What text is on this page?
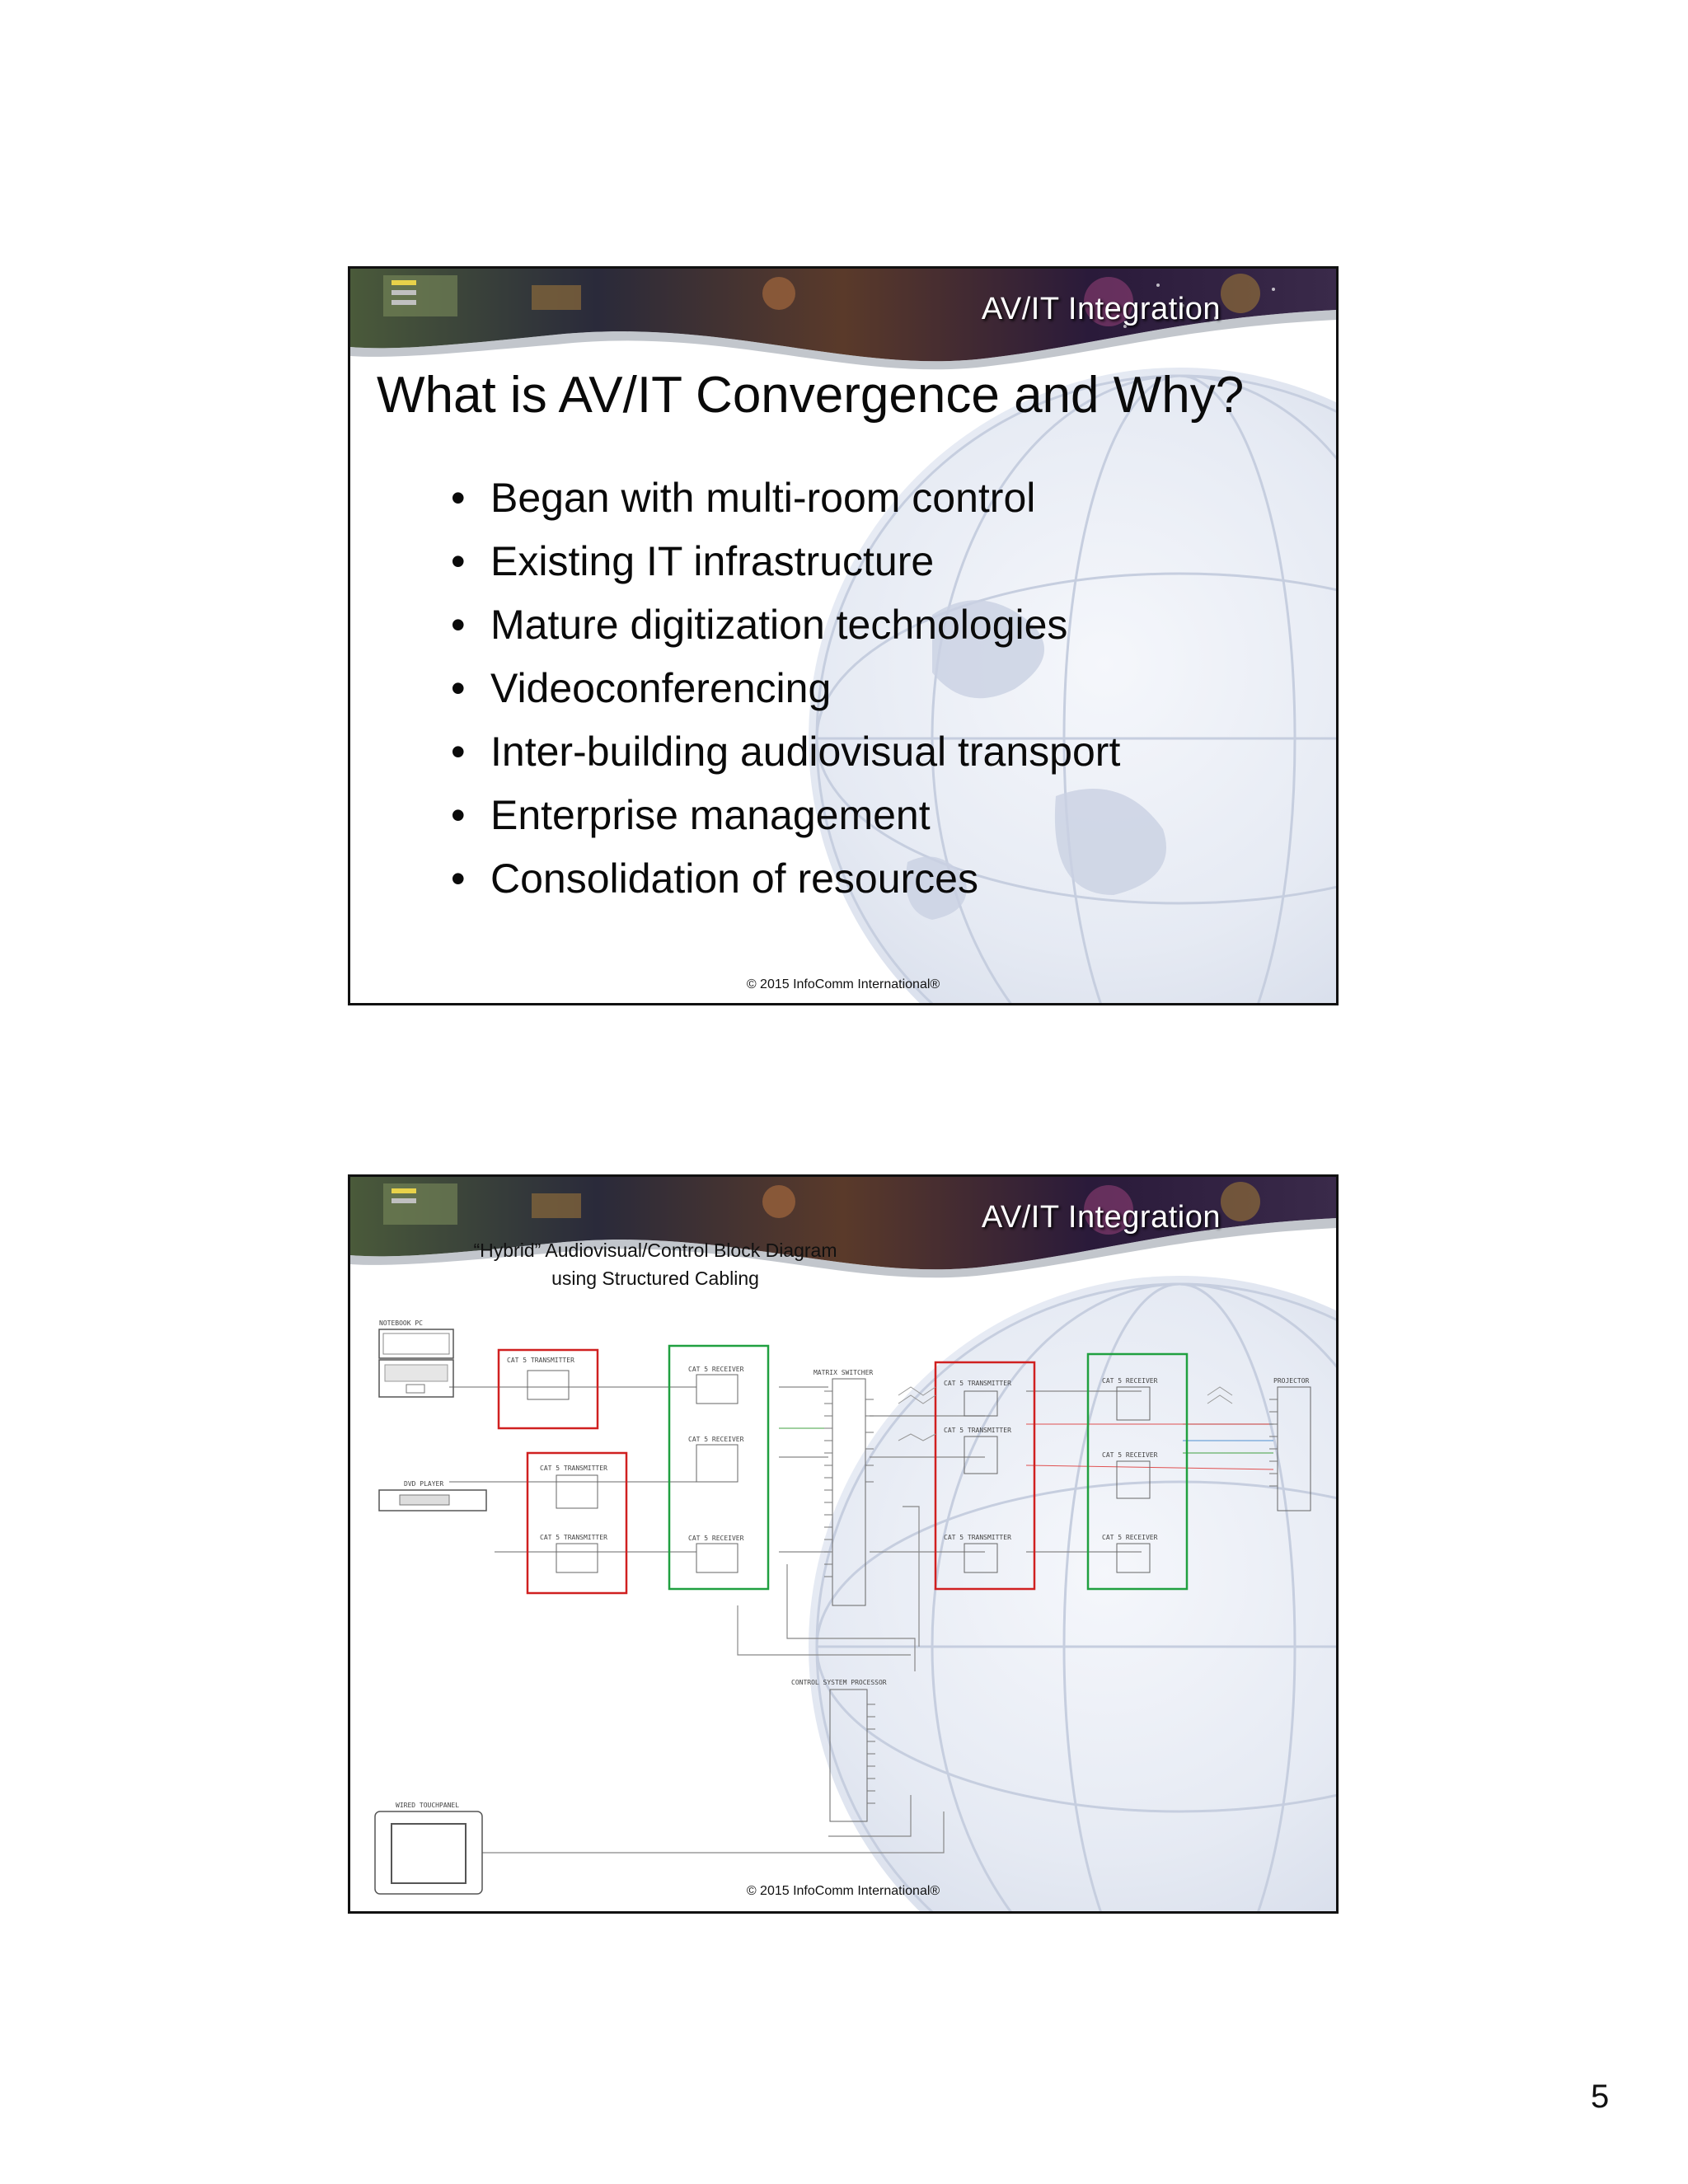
AV/IT Integration
What is AV/IT Convergence and Why?
• Began with multi-room control
• Existing IT infrastructure
• Mature digitization technologies
• Videoconferencing
• Inter-building audiovisual transport
• Enterprise management
• Consolidation of resources
© 2015 InfoComm International®
AV/IT Integration
“Hybrid” Audiovisual/Control Block Diagram
using Structured Cabling
NOTEBOOK PC
DVD PLAYER
WIRED TOUCHPANEL
CAT 5 TRANSMITTER
CAT 5 TRANSMITTER
CAT 5 TRANSMITTER
CAT 5 RECEIVER
CAT 5 RECEIVER
CAT 5 RECEIVER
MATRIX SWITCHER
CAT 5 TRANSMITTER
CAT 5 TRANSMITTER
CAT 5 TRANSMITTER
CAT 5 RECEIVER
CAT 5 RECEIVER
CAT 5 RECEIVER
PROJECTOR
CONTROL SYSTEM PROCESSOR
© 2015 InfoComm International®
5
